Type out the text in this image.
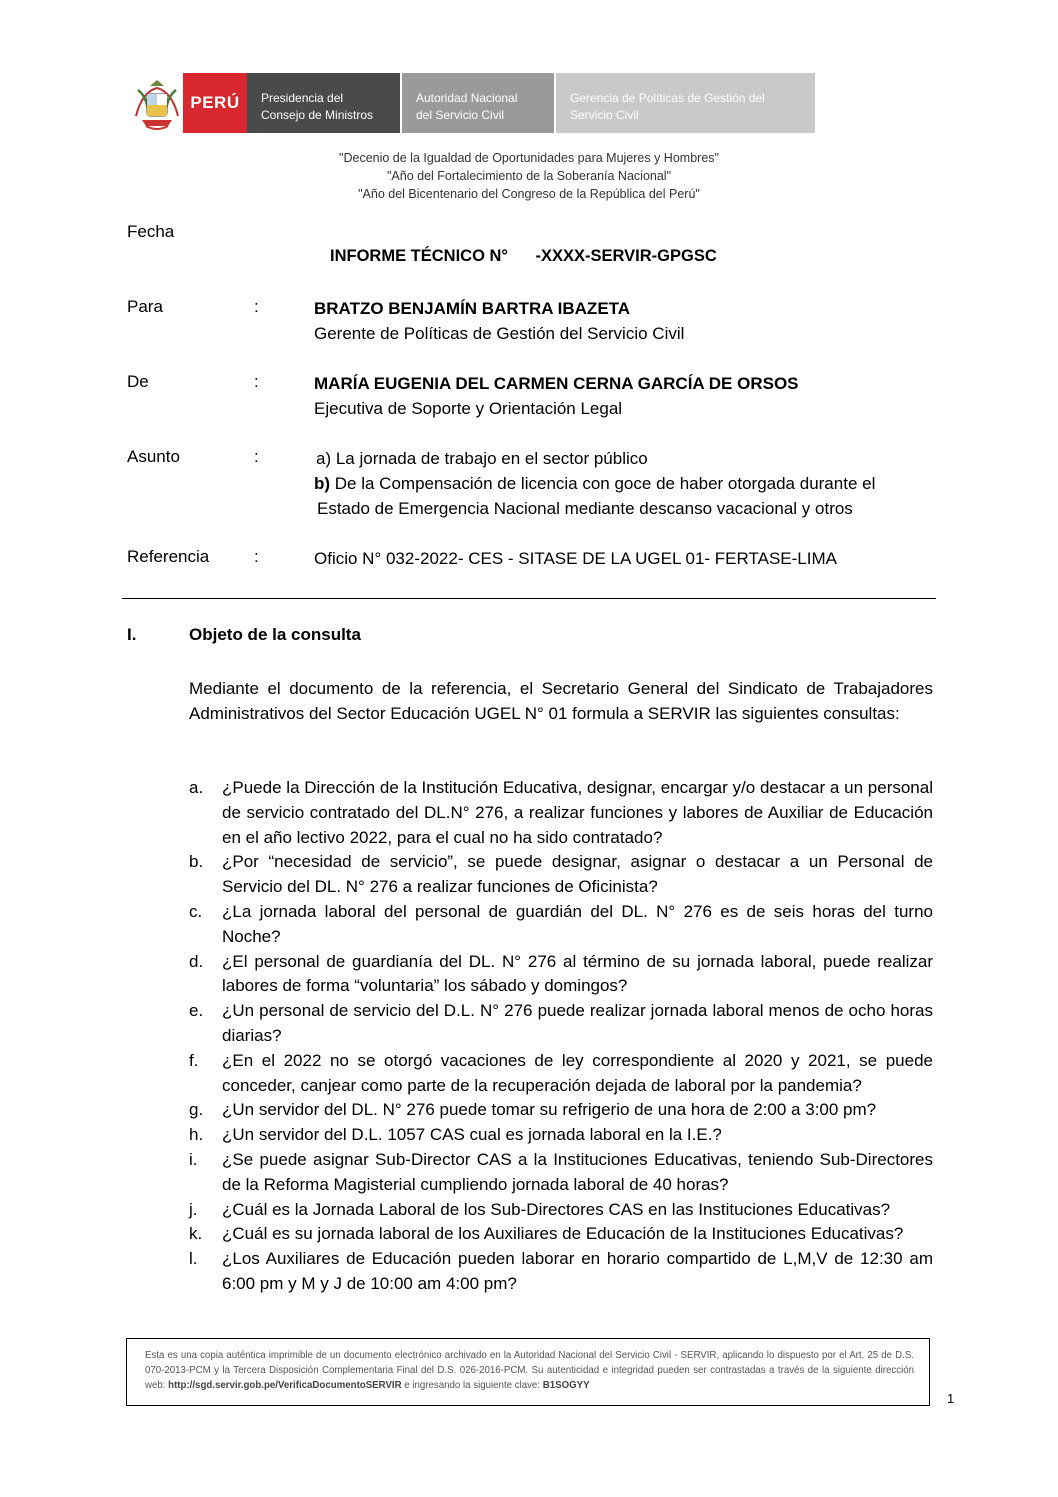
PERÚ	Presidencia del
Consejo de Ministros
Autoridad Nacional
del Servicio Civil
Gerencia de Políticas de Gestión del
Servicio Civil
"Decenio de la Igualdad de Oportunidades para Mujeres y Hombres"
"Año del Fortalecimiento de la Soberanía Nacional"
"Año del Bicentenario del Congreso de la República del Perú"
Fecha
INFORME TÉCNICO N°      -XXXX-SERVIR-GPGSC
Para	:	BRATZO BENJAMÍN BARTRA IBAZETA
Gerente de Políticas de Gestión del Servicio Civil
De	:	MARÍA EUGENIA DEL CARMEN CERNA GARCÍA DE ORSOS
Ejecutiva de Soporte y Orientación Legal
Asunto	:	a) La jornada de trabajo en el sector público
b) De la Compensación de licencia con goce de haber otorgada durante el
Estado de Emergencia Nacional mediante descanso vacacional y otros
Referencia	:	Oficio N° 032-2022- CES - SITASE DE LA UGEL 01- FERTASE-LIMA
I.	Objeto de la consulta
Mediante el documento de la referencia, el Secretario General del Sindicato de Trabajadores Administrativos del Sector Educación UGEL N° 01 formula a SERVIR las siguientes consultas:
a. ¿Puede la Dirección de la Institución Educativa, designar, encargar y/o destacar a un personal de servicio contratado del DL.N° 276, a realizar funciones y labores de Auxiliar de Educación en el año lectivo 2022, para el cual no ha sido contratado?
b. ¿Por “necesidad de servicio”, se puede designar, asignar o destacar a un Personal de Servicio del DL. N° 276 a realizar funciones de Oficinista?
c. ¿La jornada laboral del personal de guardián del DL. N° 276 es de seis horas del turno Noche?
d. ¿El personal de guardianía del DL. N° 276 al término de su jornada laboral, puede realizar labores de forma “voluntaria” los sábado y domingos?
e. ¿Un personal de servicio del D.L. N° 276 puede realizar jornada laboral menos de ocho horas diarias?
f. ¿En el 2022 no se otorgó vacaciones de ley correspondiente al 2020 y 2021, se puede conceder, canjear como parte de la recuperación dejada de laboral por la pandemia?
g. ¿Un servidor del DL. N° 276 puede tomar su refrigerio de una hora de 2:00 a 3:00 pm?
h. ¿Un servidor del D.L. 1057 CAS cual es jornada laboral en la I.E.?
i. ¿Se puede asignar Sub-Director CAS a la Instituciones Educativas, teniendo Sub-Directores de la Reforma Magisterial cumpliendo jornada laboral de 40 horas?
j. ¿Cuál es la Jornada Laboral de los Sub-Directores CAS en las Instituciones Educativas?
k. ¿Cuál es su jornada laboral de los Auxiliares de Educación de la Instituciones Educativas?
l. ¿Los Auxiliares de Educación pueden laborar en horario compartido de L,M,V de 12:30 am 6:00 pm y M y J de 10:00 am 4:00 pm?
Esta es una copia auténtica imprimible de un documento electrónico archivado en la Autoridad Nacional del Servicio Civil - SERVIR, aplicando lo dispuesto por el Art. 25 de D.S. 070-2013-PCM y la Tercera Disposición Complementaria Final del D.S. 026-2016-PCM. Su autenticidad e integridad pueden ser contrastadas a través de la siguiente dirección web: http://sgd.servir.gob.pe/VerificaDocumentoSERVIR e ingresando la siguiente clave: B1SOGYY
1
